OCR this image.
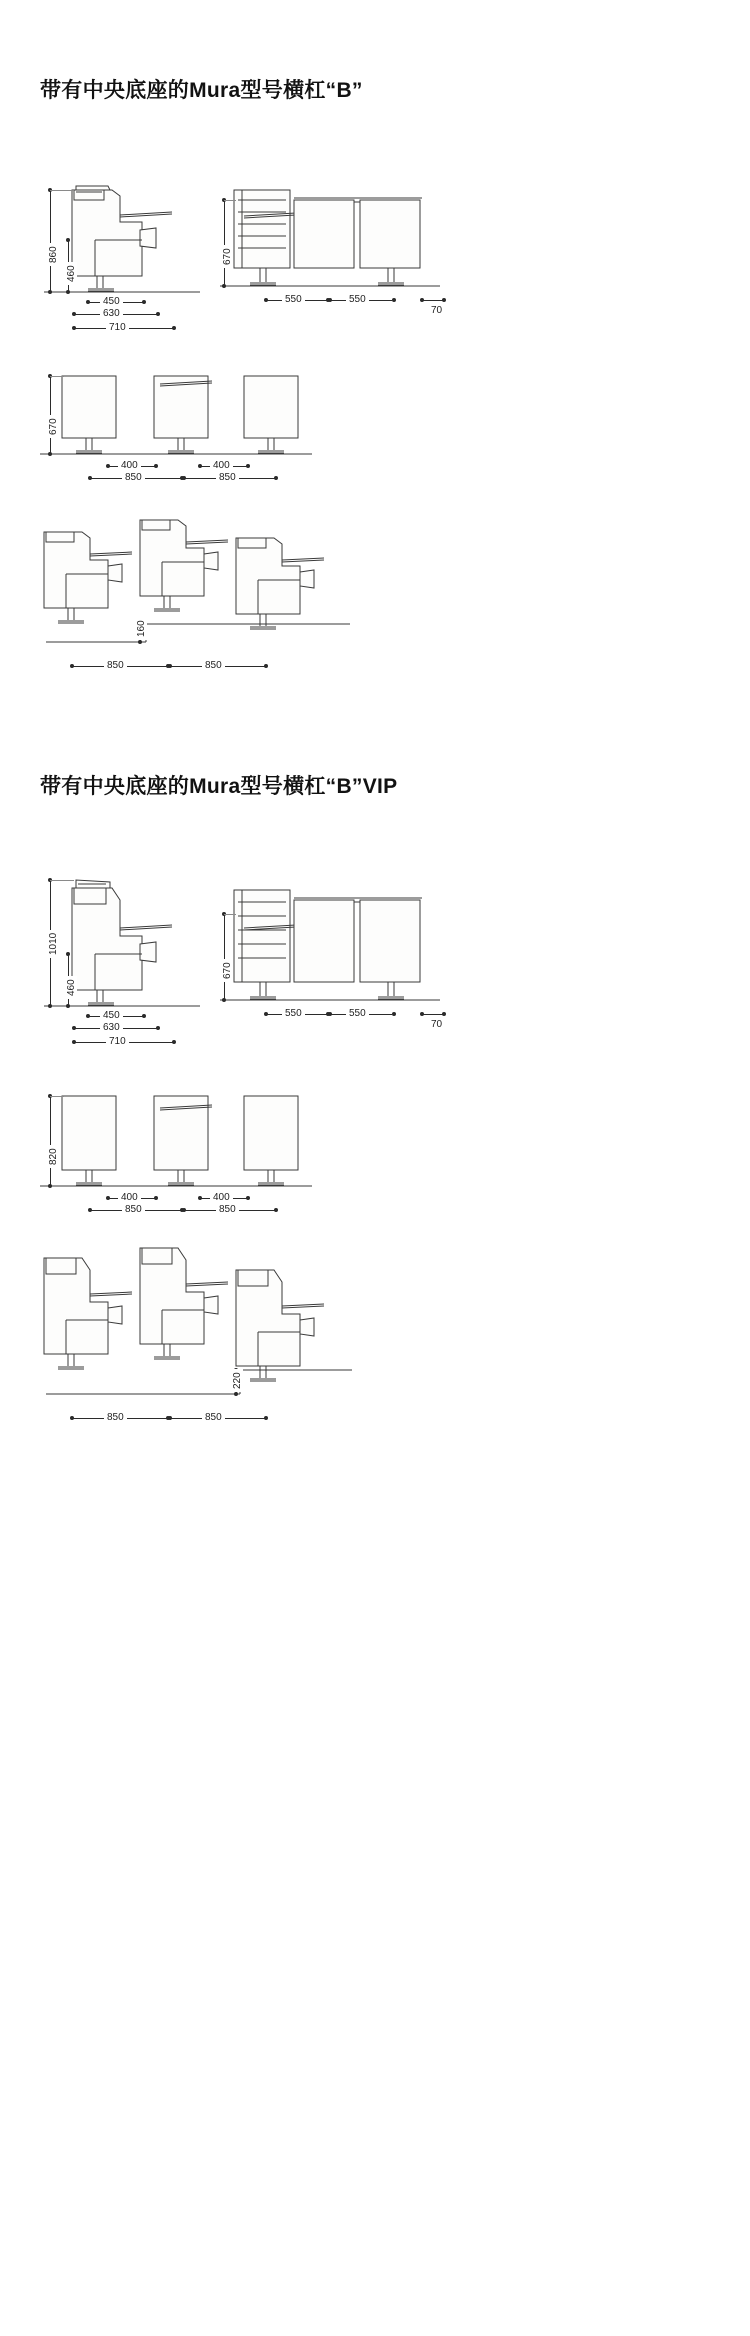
带有中央底座的Mura型号横杠“B”
860
460
450
630
710
670
550	550
70
670
400	400
850	850
160
850	850
带有中央底座的Mura型号横杠“B”VIP
1010
460
450
630
710
670
550	550
70
820
400	400
850	850
220
850	850
